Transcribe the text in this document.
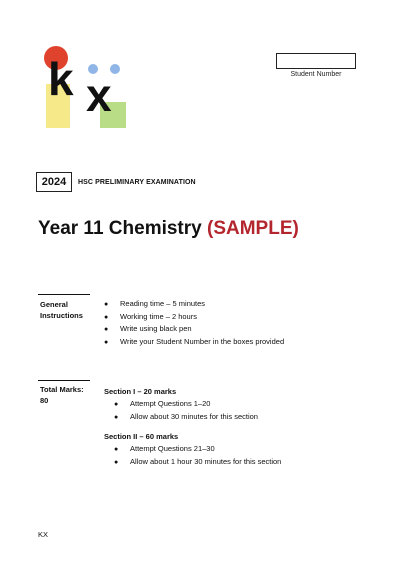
k x	Student Number
2024	HSC PRELIMINARY EXAMINATION
Year 11 Chemistry (SAMPLE)
General
Instructions
● Reading time – 5 minutes
● Working time – 2 hours
● Write using black pen
● Write your Student Number in the boxes provided
Total Marks:
80
Section I – 20 marks
● Attempt Questions 1–20
● Allow about 30 minutes for this section
Section II – 60 marks
● Attempt Questions 21–30
● Allow about 1 hour 30 minutes for this section
KX
